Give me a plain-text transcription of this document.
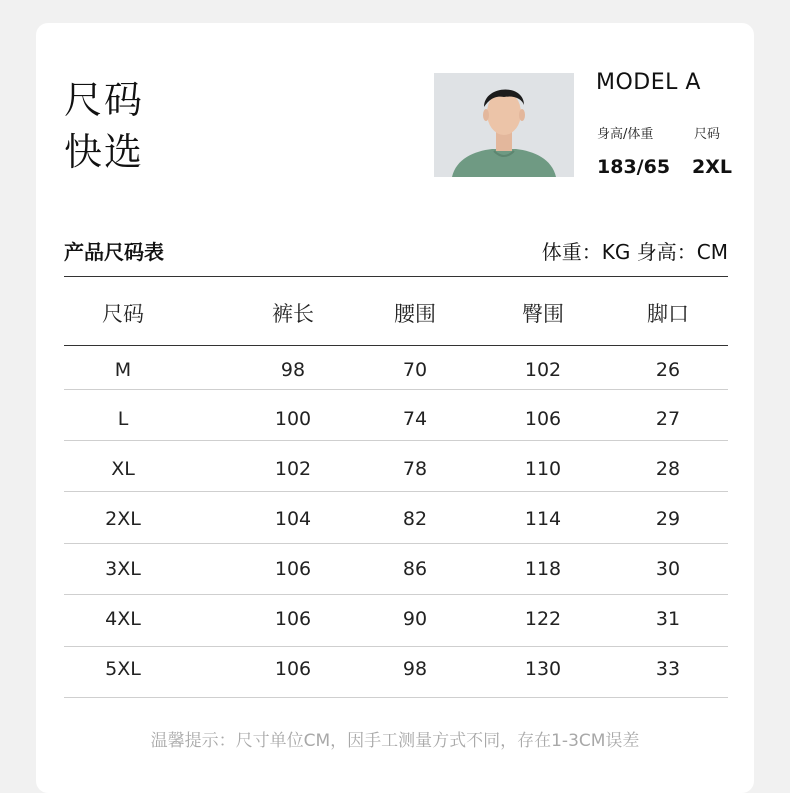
尺码
快选
MODEL A
身高/体重	尺码
183/65 2XL
产品尺码表	体重：KG 身高：CM
尺码	裤长	腰围	臀围	脚口
M	98	70	102	26
L	100	74	106	27
XL	102	78	110	28
2XL	104	82	114	29
3XL	106	86	118	30
4XL	106	90	122	31
5XL	106	98	130	33
温馨提示：尺寸单位CM，因手工测量方式不同，存在1-3CM误差
